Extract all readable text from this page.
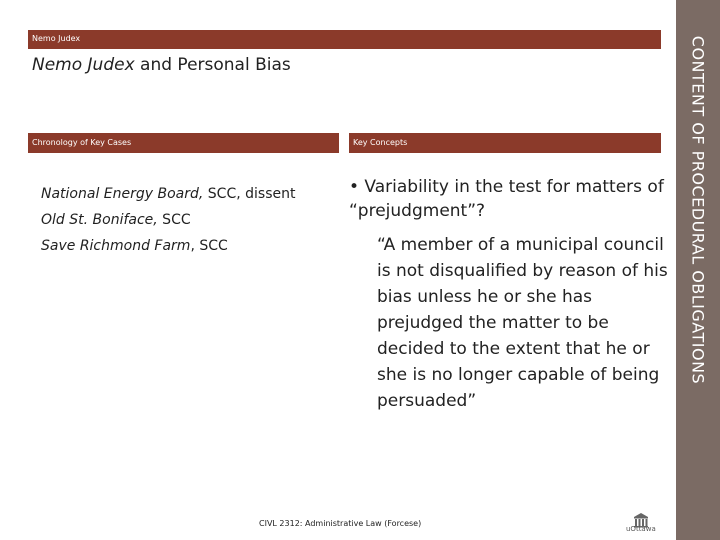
CONTENT OF PROCEDURAL OBLIGATIONS
Nemo Judex
Nemo Judex and Personal Bias
Chronology of Key Cases	Key Concepts
National Energy Board, SCC, dissent
Old St. Boniface, SCC
Save Richmond Farm, SCC
• Variability in the test for matters of “prejudgment”?
“A member of a municipal council is not disqualified by reason of his bias unless he or she has prejudged the matter to be decided to the extent that he or she is no longer capable of being persuaded”
CIVL 2312: Administrative Law (Forcese)
uOttawa
